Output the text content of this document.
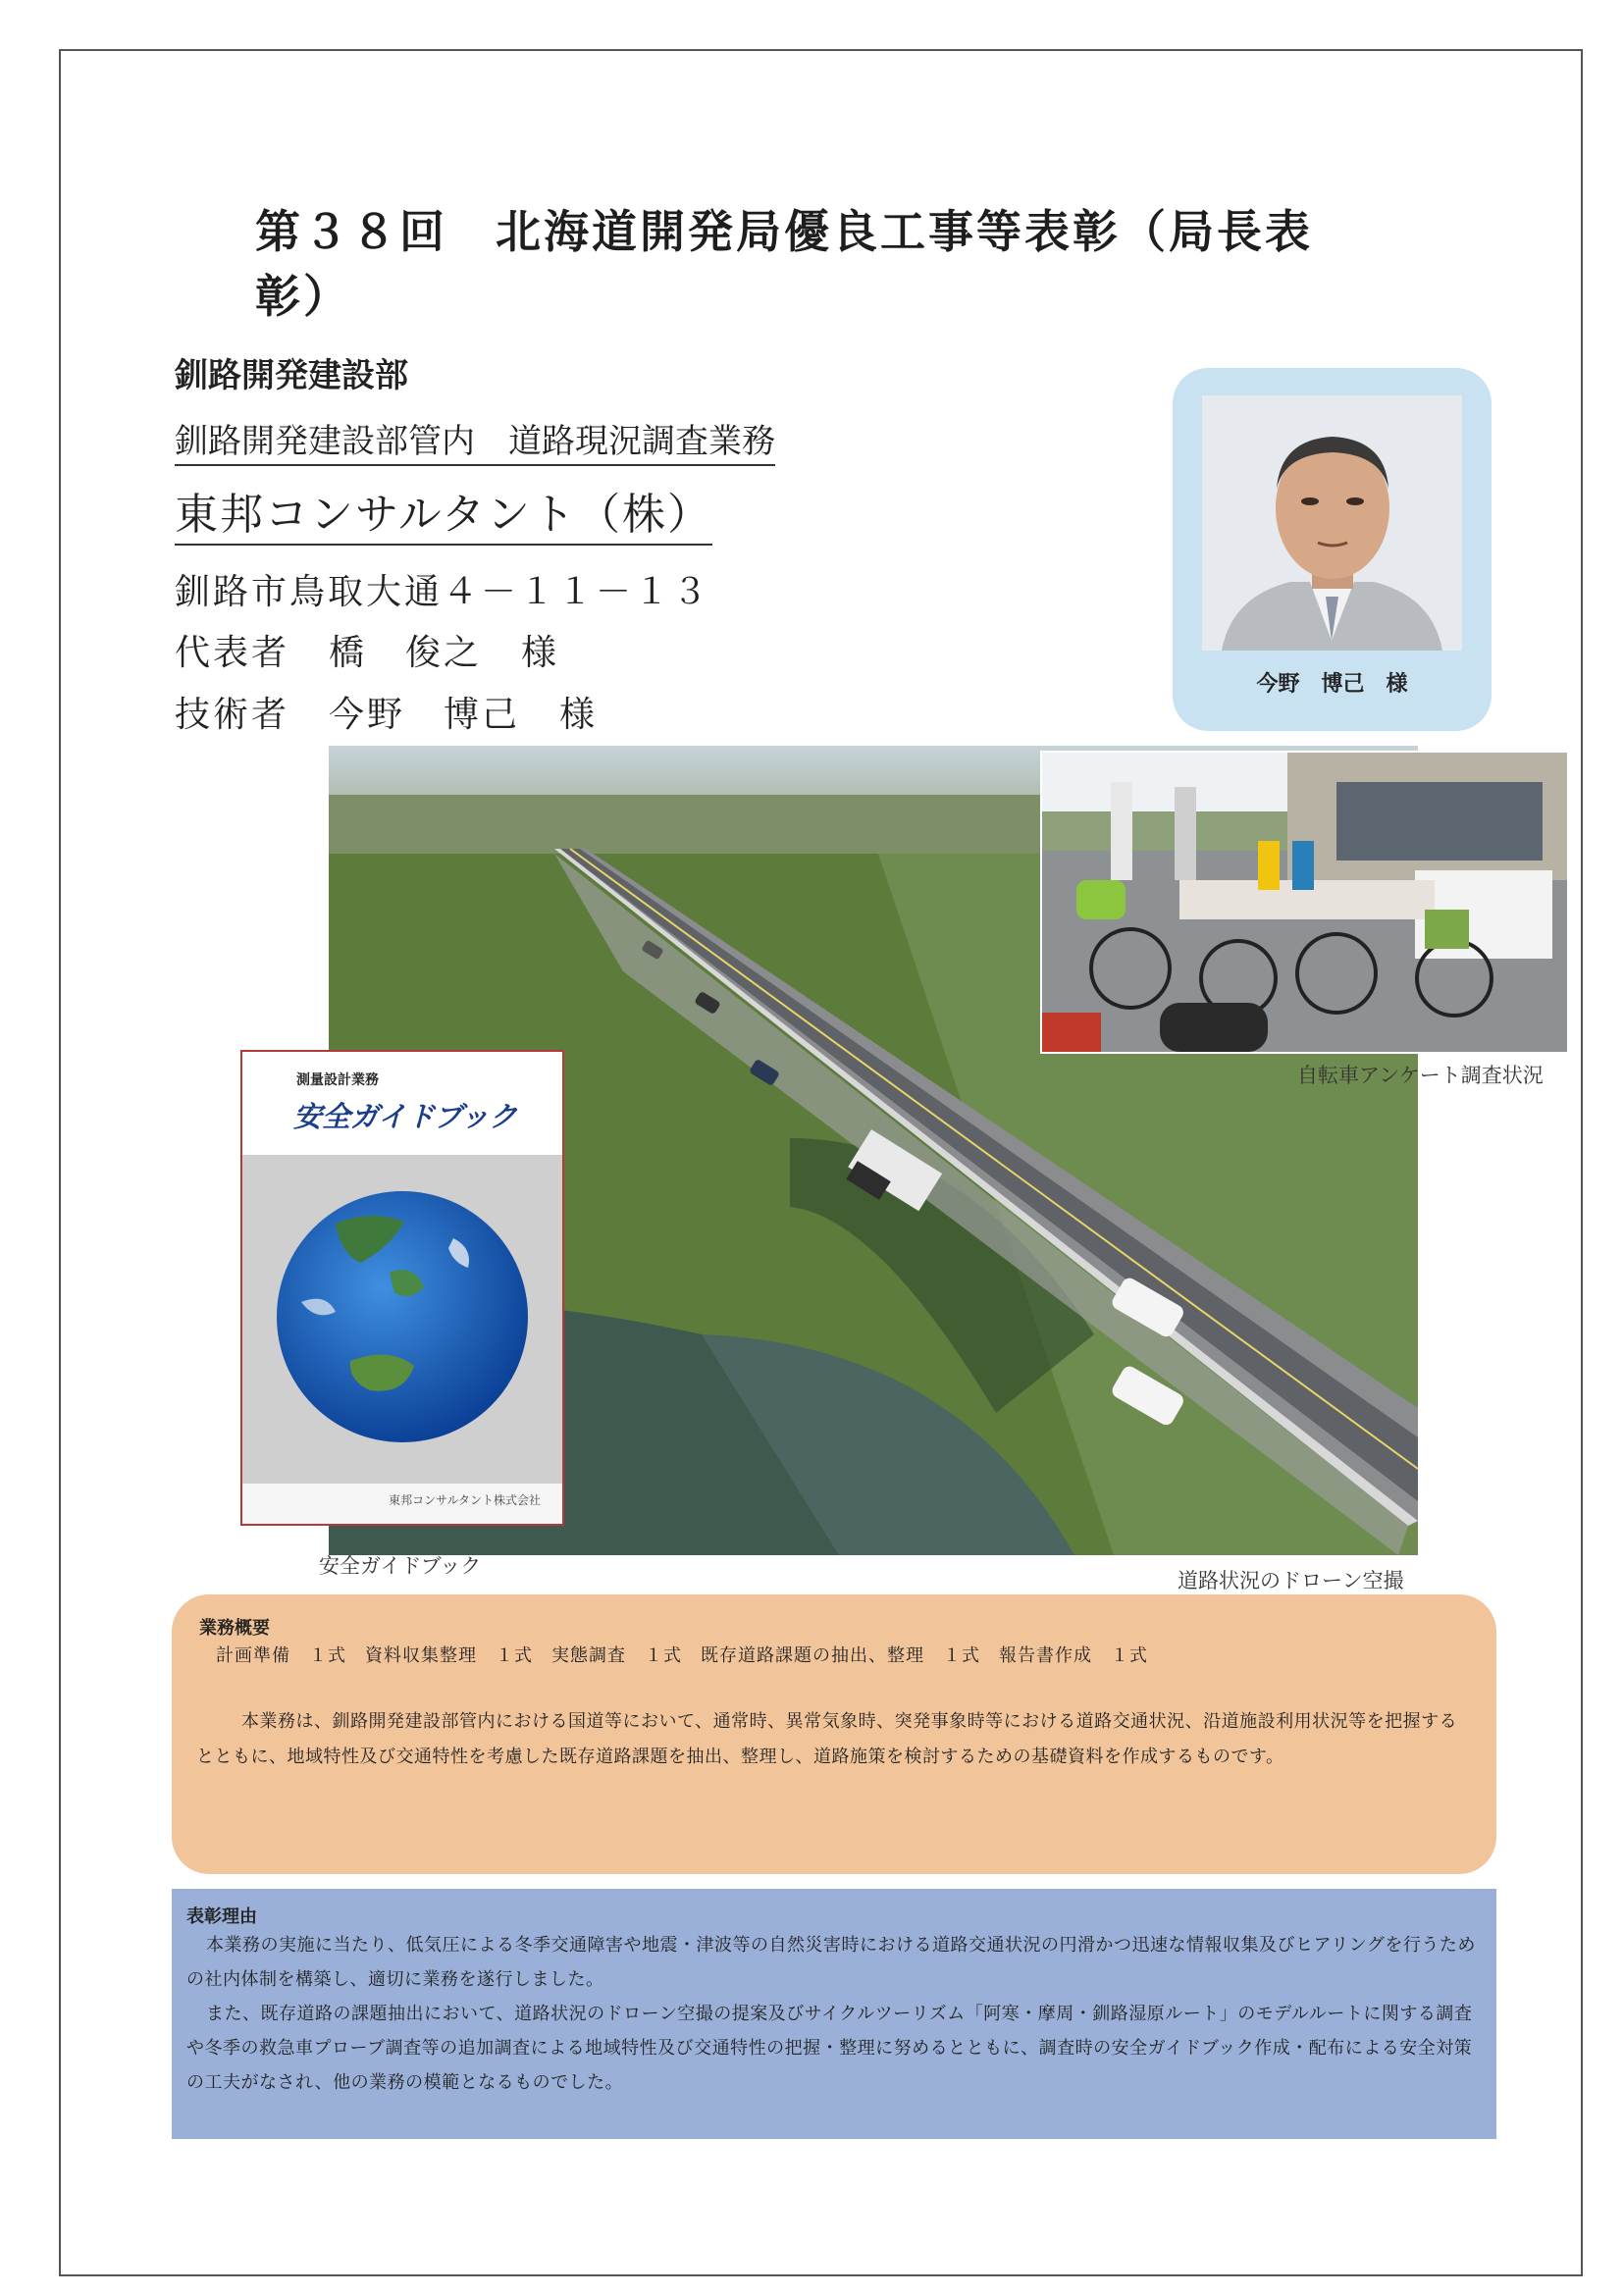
第３８回　北海道開発局優良工事等表彰（局長表彰）
釧路開発建設部
釧路開発建設部管内　道路現況調査業務
東邦コンサルタント（株）
釧路市鳥取大通４－１１－１３
代表者 橋　俊之 様
技術者 今野　博己 様
今野　博己　様
道路状況のドローン空撮
自転車アンケート調査状況
測量設計業務
安全ガイドブック
東邦コンサルタント株式会社
安全ガイドブック
業務概要
計画準備　１式　資料収集整理　１式　実態調査　１式　既存道路課題の抽出、整理　１式　報告書作成　１式
本業務は、釧路開発建設部管内における国道等において、通常時、異常気象時、突発事象時等における道路交通状況、沿道施設利用状況等を把握するとともに、地域特性及び交通特性を考慮した既存道路課題を抽出、整理し、道路施策を検討するための基礎資料を作成するものです。
表彰理由

本業務の実施に当たり、低気圧による冬季交通障害や地震・津波等の自然災害時における道路交通状況の円滑かつ迅速な情報収集及びヒアリングを行うための社内体制を構築し、適切に業務を遂行しました。

また、既存道路の課題抽出において、道路状況のドローン空撮の提案及びサイクルツーリズム「阿寒・摩周・釧路湿原ルート」のモデルルートに関する調査や冬季の救急車プローブ調査等の追加調査による地域特性及び交通特性の把握・整理に努めるとともに、調査時の安全ガイドブック作成・配布による安全対策の工夫がなされ、他の業務の模範となるものでした。
